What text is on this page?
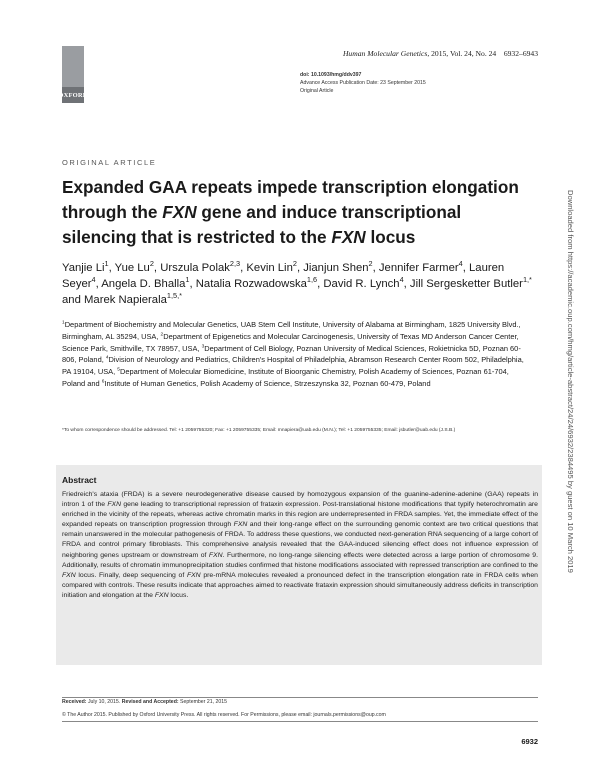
OXFORD
Human Molecular Genetics, 2015, Vol. 24, No. 24 6932–6943
doi: 10.1093/hmg/ddv397
Advance Access Publication Date: 23 September 2015
Original Article
ORIGINAL ARTICLE
Expanded GAA repeats impede transcription elongation through the FXN gene and induce transcriptional silencing that is restricted to the FXN locus
Yanjie Li$^1$, Yue Lu$^2$, Urszula Polak$^{2,3}$, Kevin Lin$^2$, Jianjun Shen$^2$, Jennifer Farmer$^4$, Lauren Seyer$^4$, Angela D. Bhalla$^1$, Natalia Rozwadowska$^{1,6}$, David R. Lynch$^4$, Jill Sergesketter Butler$^{1,*}$ and Marek Napierala$^{1,5,*}$
$^1$Department of Biochemistry and Molecular Genetics, UAB Stem Cell Institute, University of Alabama at Birmingham, 1825 University Blvd., Birmingham, AL 35294, USA, $^2$Department of Epigenetics and Molecular Carcinogenesis, University of Texas MD Anderson Cancer Center, Science Park, Smithville, TX 78957, USA, $^3$Department of Cell Biology, Poznan University of Medical Sciences, Rokietnicka 5D, Poznan 60-806, Poland, $^4$Division of Neurology and Pediatrics, Children's Hospital of Philadelphia, Abramson Research Center Room 502, Philadelphia, PA 19104, USA, $^5$Department of Molecular Biomedicine, Institute of Bioorganic Chemistry, Polish Academy of Sciences, Poznan 61-704, Poland and $^6$Institute of Human Genetics, Polish Academy of Science, Strzeszynska 32, Poznan 60-479, Poland
*To whom correspondence should be addressed. Tel: +1 2059755320; Fax: +1 2059755335; Email: mnapiera@uab.edu (M.N.); Tel: +1 2059755335; Email: jsbutler@uab.edu (J.S.B.)
Abstract
Friedreich's ataxia (FRDA) is a severe neurodegenerative disease caused by homozygous expansion of the guanine-adenine-adenine (GAA) repeats in intron 1 of the FXN gene leading to transcriptional repression of frataxin expression. Post-translational histone modifications that typify heterochromatin are enriched in the vicinity of the repeats, whereas active chromatin marks in this region are underrepresented in FRDA samples. Yet, the immediate effect of the expanded repeats on transcription progression through FXN and their long-range effect on the surrounding genomic context are two critical questions that remain unanswered in the molecular pathogenesis of FRDA. To address these questions, we conducted next-generation RNA sequencing of a large cohort of FRDA and control primary fibroblasts. This comprehensive analysis revealed that the GAA-induced silencing effect does not influence expression of neighboring genes upstream or downstream of FXN. Furthermore, no long-range silencing effects were detected across a large portion of chromosome 9. Additionally, results of chromatin immunoprecipitation studies confirmed that histone modifications associated with repressed transcription are confined to the FXN locus. Finally, deep sequencing of FXN pre-mRNA molecules revealed a pronounced defect in the transcription elongation rate in FRDA cells when compared with controls. These results indicate that approaches aimed to reactivate frataxin expression should simultaneously address deficits in transcription initiation and elongation at the FXN locus.
Received: July 10, 2015. Revised and Accepted: September 21, 2015
© The Author 2015. Published by Oxford University Press. All rights reserved. For Permissions, please email: journals.permissions@oup.com
6932
Downloaded from https://academic.oup.com/hmg/article-abstract/24/24/6932/2384495 by guest on 10 March 2019
